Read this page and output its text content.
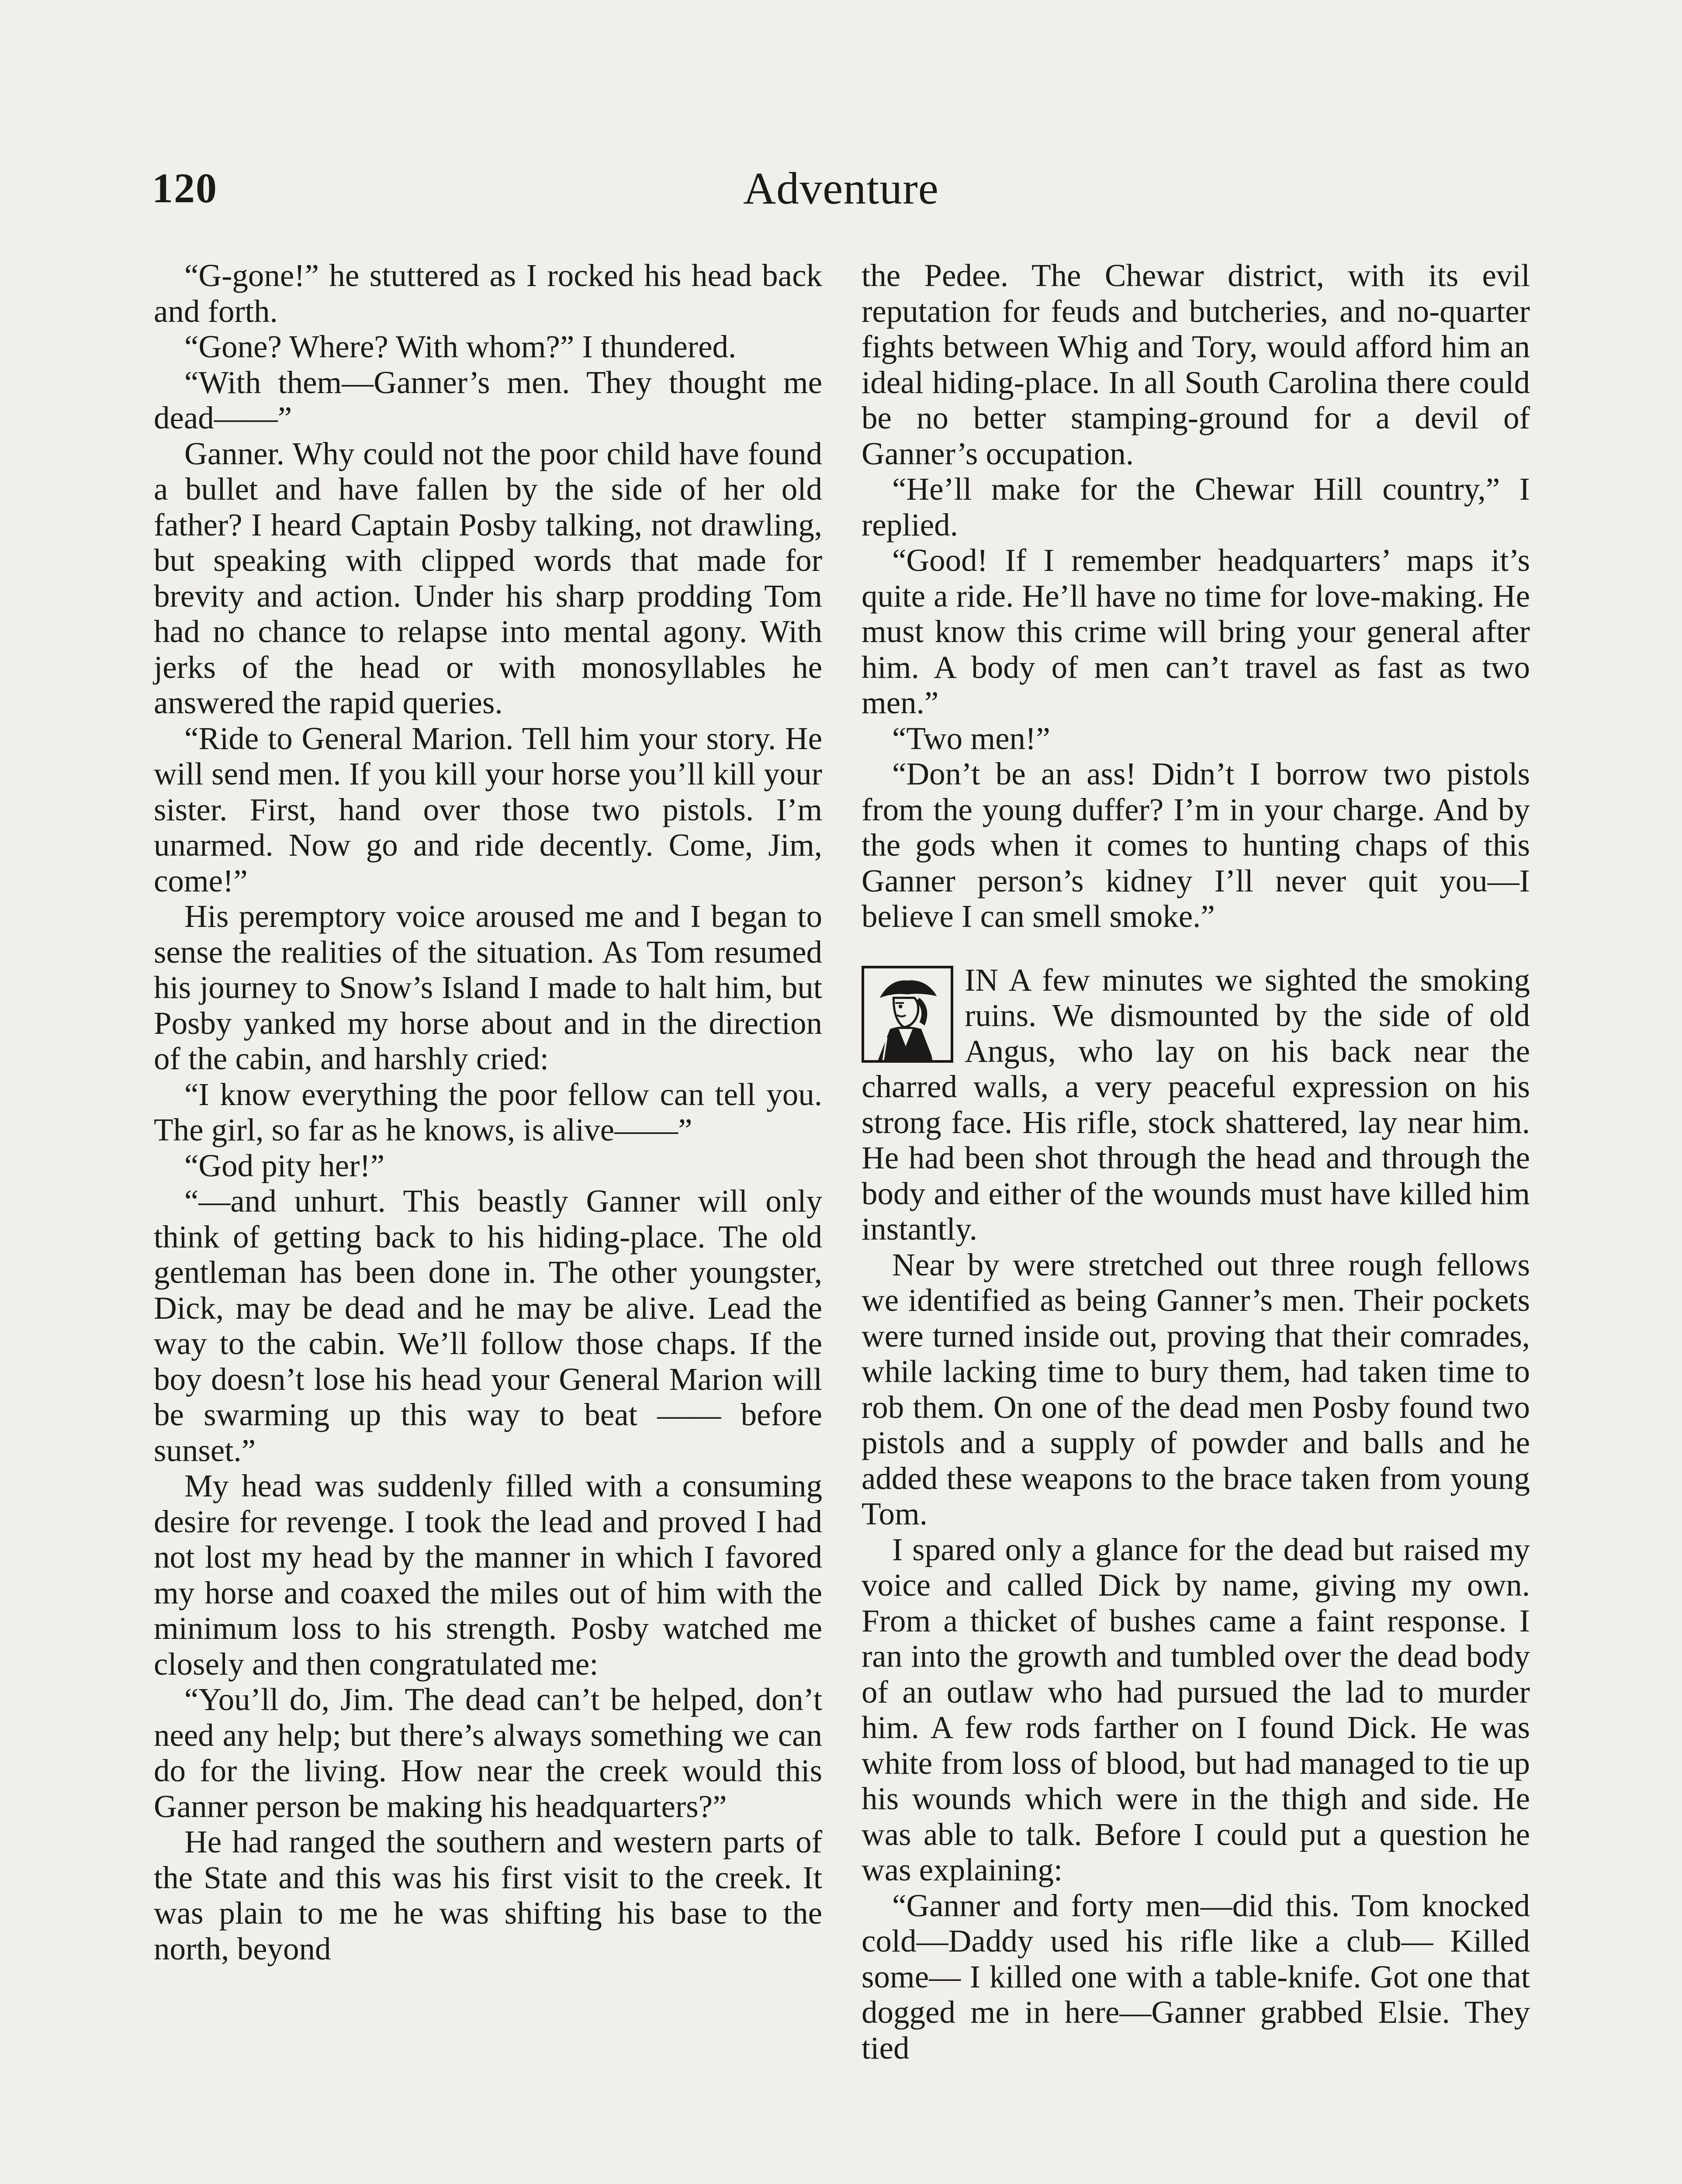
120	Adventure

“G-gone!” he stuttered as I rocked his head back and forth.

“Gone? Where? With whom?” I thundered.

“With them—Ganner’s men. They thought me dead——”

Ganner. Why could not the poor child have found a bullet and have fallen by the side of her old father? I heard Captain Posby talking, not drawling, but speaking with clipped words that made for brevity and action. Under his sharp prodding Tom had no chance to relapse into mental agony. With jerks of the head or with monosyllables he answered the rapid queries.

“Ride to General Marion. Tell him your story. He will send men. If you kill your horse you’ll kill your sister. First, hand over those two pistols. I’m unarmed. Now go and ride decently. Come, Jim, come!”

His peremptory voice aroused me and I began to sense the realities of the situation. As Tom resumed his journey to Snow’s Island I made to halt him, but Posby yanked my horse about and in the direction of the cabin, and harshly cried:

“I know everything the poor fellow can tell you. The girl, so far as he knows, is alive——”

“God pity her!”

“—and unhurt. This beastly Ganner will only think of getting back to his hiding-place. The old gentleman has been done in. The other youngster, Dick, may be dead and he may be alive. Lead the way to the cabin. We’ll follow those chaps. If the boy doesn’t lose his head your General Marion will be swarming up this way to beat —— before sunset.”

My head was suddenly filled with a consuming desire for revenge. I took the lead and proved I had not lost my head by the manner in which I favored my horse and coaxed the miles out of him with the minimum loss to his strength. Posby watched me closely and then congratulated me:

“You’ll do, Jim. The dead can’t be helped, don’t need any help; but there’s always something we can do for the living. How near the creek would this Ganner person be making his headquarters?”

He had ranged the southern and western parts of the State and this was his first visit to the creek. It was plain to me he was shifting his base to the north, beyond

the Pedee. The Chewar district, with its evil reputation for feuds and butcheries, and no-quarter fights between Whig and Tory, would afford him an ideal hiding-place. In all South Carolina there could be no better stamping-ground for a devil of Ganner’s occupation.

“He’ll make for the Chewar Hill country,” I replied.

“Good! If I remember headquarters’ maps it’s quite a ride. He’ll have no time for love-making. He must know this crime will bring your general after him. A body of men can’t travel as fast as two men.”

“Two men!”

“Don’t be an ass! Didn’t I borrow two pistols from the young duffer? I’m in your charge. And by the gods when it comes to hunting chaps of this Ganner person’s kidney I’ll never quit you—I believe I can smell smoke.”

IN A few minutes we sighted the smoking ruins. We dismounted by the side of old Angus, who lay on his back near the charred walls, a very peaceful expression on his strong face. His rifle, stock shattered, lay near him. He had been shot through the head and through the body and either of the wounds must have killed him instantly.

Near by were stretched out three rough fellows we identified as being Ganner’s men. Their pockets were turned inside out, proving that their comrades, while lacking time to bury them, had taken time to rob them. On one of the dead men Posby found two pistols and a supply of powder and balls and he added these weapons to the brace taken from young Tom.

I spared only a glance for the dead but raised my voice and called Dick by name, giving my own. From a thicket of bushes came a faint response. I ran into the growth and tumbled over the dead body of an outlaw who had pursued the lad to murder him. A few rods farther on I found Dick. He was white from loss of blood, but had managed to tie up his wounds which were in the thigh and side. He was able to talk. Before I could put a question he was explaining:

“Ganner and forty men—did this. Tom knocked cold—Daddy used his rifle like a club— Killed some— I killed one with a table-knife. Got one that dogged me in here—Ganner grabbed Elsie. They tied
